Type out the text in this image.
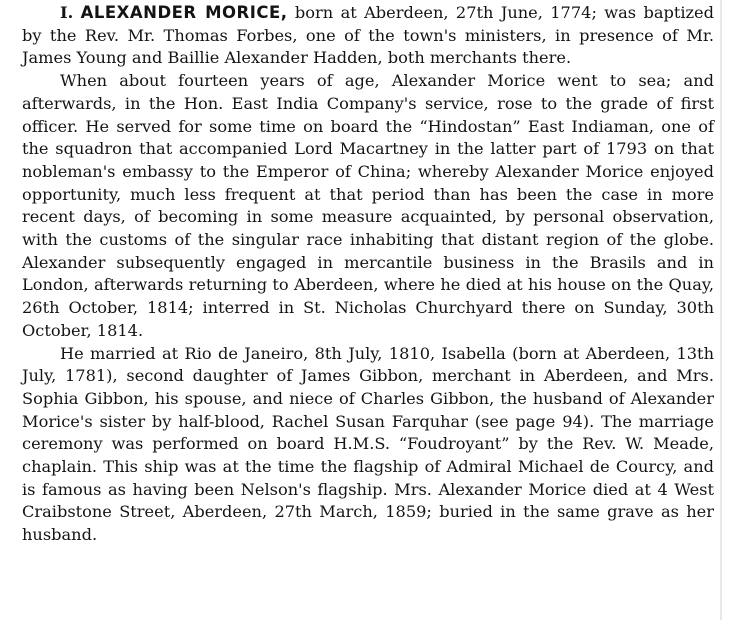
I. ALEXANDER MORICE, born at Aberdeen, 27th June, 1774; was baptized by the Rev. Mr. Thomas Forbes, one of the town's ministers, in presence of Mr. James Young and Baillie Alexander Hadden, both merchants there.

When about fourteen years of age, Alexander Morice went to sea; and afterwards, in the Hon. East India Company's service, rose to the grade of first officer. He served for some time on board the “Hindostan” East Indiaman, one of the squadron that accompanied Lord Macartney in the latter part of 1793 on that nobleman's embassy to the Emperor of China; whereby Alexander Morice enjoyed opportunity, much less frequent at that period than has been the case in more recent days, of becoming in some measure acquainted, by personal observation, with the customs of the singular race inhabiting that distant region of the globe. Alexander subsequently engaged in mercantile business in the Brasils and in London, afterwards returning to Aberdeen, where he died at his house on the Quay, 26th October, 1814; interred in St. Nicholas Churchyard there on Sunday, 30th October, 1814.

He married at Rio de Janeiro, 8th July, 1810, Isabella (born at Aberdeen, 13th July, 1781), second daughter of James Gibbon, merchant in Aberdeen, and Mrs. Sophia Gibbon, his spouse, and niece of Charles Gibbon, the husband of Alexander Morice's sister by half-blood, Rachel Susan Farquhar (see page 94). The marriage ceremony was performed on board H.M.S. “Foudroyant” by the Rev. W. Meade, chaplain. This ship was at the time the flagship of Admiral Michael de Courcy, and is famous as having been Nelson's flagship. Mrs. Alexander Morice died at 4 West Craibstone Street, Aberdeen, 27th March, 1859; buried in the same grave as her husband.
